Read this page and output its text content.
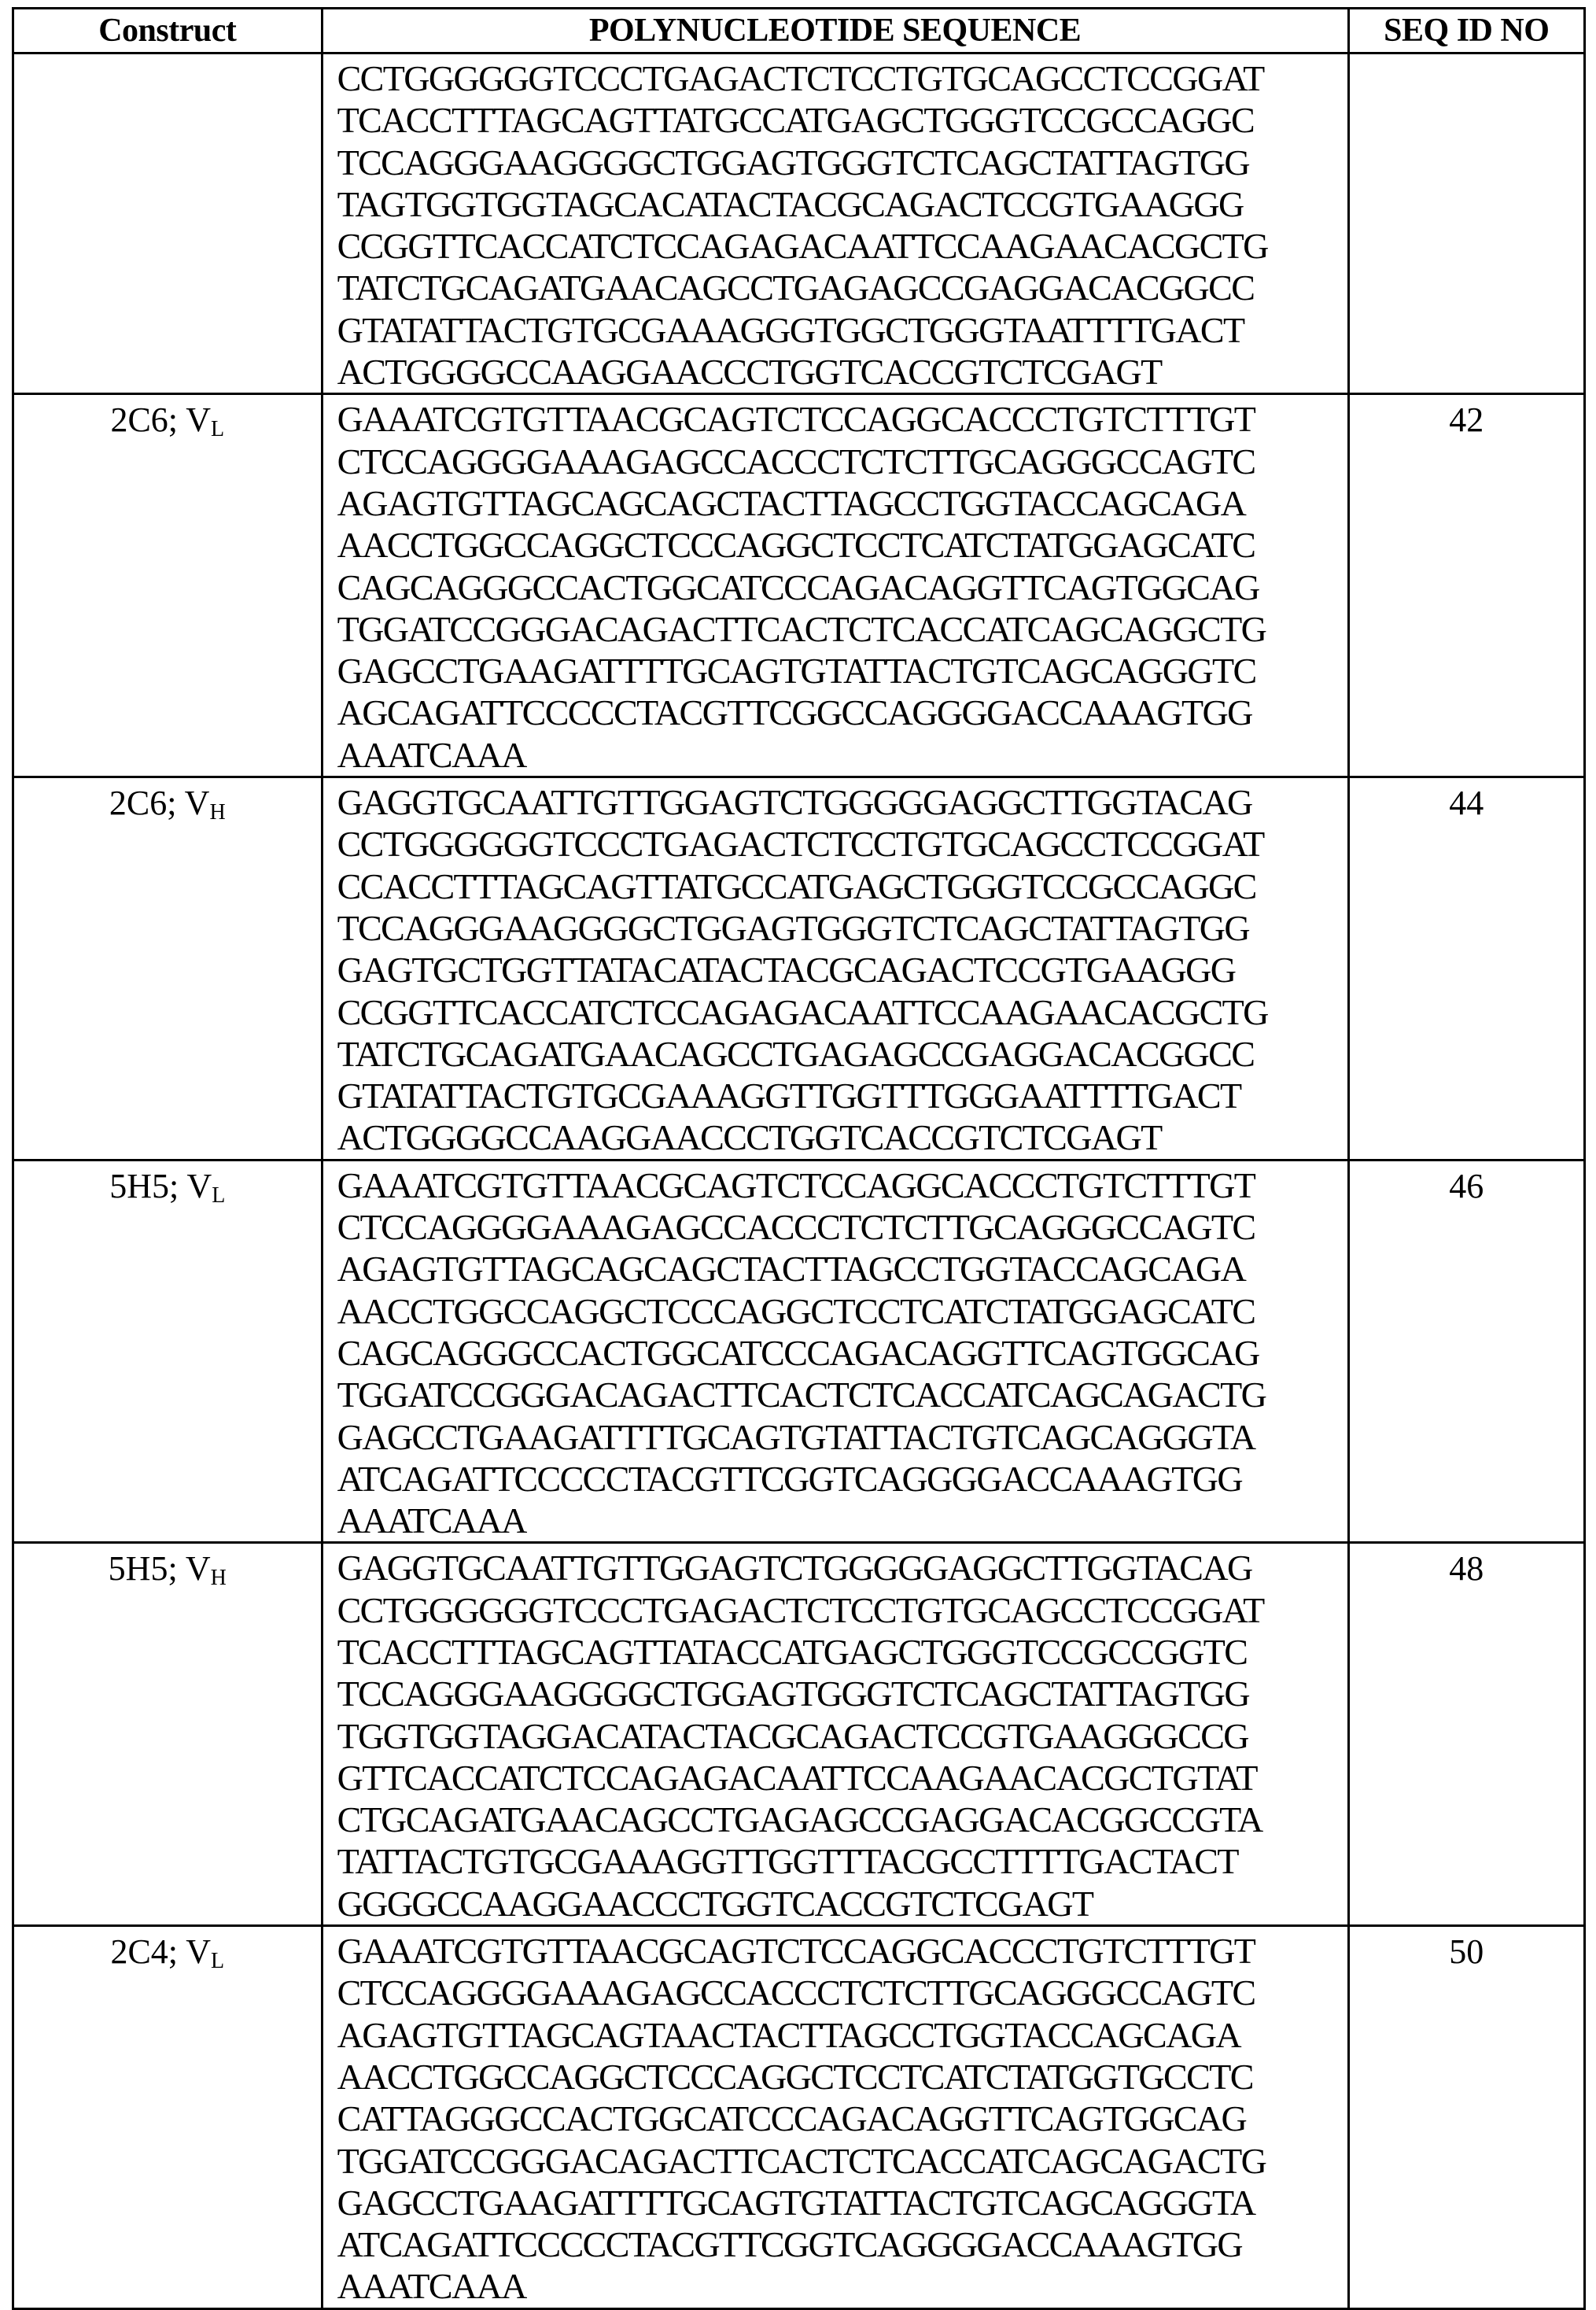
Construct	POLYNUCLEOTIDE SEQUENCE	SEQ ID NO

CCTGGGGGGTCCCTGAGACTCTCCTGTGCAGCCTCCGGAT
TCACCTTTAGCAGTTATGCCATGAGCTGGGTCCGCCAGGC
TCCAGGGAAGGGGCTGGAGTGGGTCTCAGCTATTAGTGG
TAGTGGTGGTAGCACATACTACGCAGACTCCGTGAAGGG
CCGGTTCACCATCTCCAGAGACAATTCCAAGAACACGCTG
TATCTGCAGATGAACAGCCTGAGAGCCGAGGACACGGCC
GTATATTACTGTGCGAAAGGGTGGCTGGGTAATTTTGACT
ACTGGGGCCAAGGAACCCTGGTCACCGTCTCGAGT

2C6; VL	GAAATCGTGTTAACGCAGTCTCCAGGCACCCTGTCTTTGT
CTCCAGGGGAAAGAGCCACCCTCTCTTGCAGGGCCAGTC
AGAGTGTTAGCAGCAGCTACTTAGCCTGGTACCAGCAGA
AACCTGGCCAGGCTCCCAGGCTCCTCATCTATGGAGCATC
CAGCAGGGCCACTGGCATCCCAGACAGGTTCAGTGGCAG
TGGATCCGGGACAGACTTCACTCTCACCATCAGCAGGCTG
GAGCCTGAAGATTTTGCAGTGTATTACTGTCAGCAGGGTC
AGCAGATTCCCCCTACGTTCGGCCAGGGGACCAAAGTGG
AAATCAAA
	42
2C6; VH	GAGGTGCAATTGTTGGAGTCTGGGGGAGGCTTGGTACAG
CCTGGGGGGTCCCTGAGACTCTCCTGTGCAGCCTCCGGAT
CCACCTTTAGCAGTTATGCCATGAGCTGGGTCCGCCAGGC
TCCAGGGAAGGGGCTGGAGTGGGTCTCAGCTATTAGTGG
GAGTGCTGGTTATACATACTACGCAGACTCCGTGAAGGG
CCGGTTCACCATCTCCAGAGACAATTCCAAGAACACGCTG
TATCTGCAGATGAACAGCCTGAGAGCCGAGGACACGGCC
GTATATTACTGTGCGAAAGGTTGGTTTGGGAATTTTGACT
ACTGGGGCCAAGGAACCCTGGTCACCGTCTCGAGT
	44
5H5; VL	GAAATCGTGTTAACGCAGTCTCCAGGCACCCTGTCTTTGT
CTCCAGGGGAAAGAGCCACCCTCTCTTGCAGGGCCAGTC
AGAGTGTTAGCAGCAGCTACTTAGCCTGGTACCAGCAGA
AACCTGGCCAGGCTCCCAGGCTCCTCATCTATGGAGCATC
CAGCAGGGCCACTGGCATCCCAGACAGGTTCAGTGGCAG
TGGATCCGGGACAGACTTCACTCTCACCATCAGCAGACTG
GAGCCTGAAGATTTTGCAGTGTATTACTGTCAGCAGGGTA
ATCAGATTCCCCCTACGTTCGGTCAGGGGACCAAAGTGG
AAATCAAA
	46
5H5; VH	GAGGTGCAATTGTTGGAGTCTGGGGGAGGCTTGGTACAG
CCTGGGGGGTCCCTGAGACTCTCCTGTGCAGCCTCCGGAT
TCACCTTTAGCAGTTATACCATGAGCTGGGTCCGCCGGTC
TCCAGGGAAGGGGCTGGAGTGGGTCTCAGCTATTAGTGG
TGGTGGTAGGACATACTACGCAGACTCCGTGAAGGGCCG
GTTCACCATCTCCAGAGACAATTCCAAGAACACGCTGTAT
CTGCAGATGAACAGCCTGAGAGCCGAGGACACGGCCGTA
TATTACTGTGCGAAAGGTTGGTTTACGCCTTTTGACTACT
GGGGCCAAGGAACCCTGGTCACCGTCTCGAGT
	48
2C4; VL	GAAATCGTGTTAACGCAGTCTCCAGGCACCCTGTCTTTGT
CTCCAGGGGAAAGAGCCACCCTCTCTTGCAGGGCCAGTC
AGAGTGTTAGCAGTAACTACTTAGCCTGGTACCAGCAGA
AACCTGGCCAGGCTCCCAGGCTCCTCATCTATGGTGCCTC
CATTAGGGCCACTGGCATCCCAGACAGGTTCAGTGGCAG
TGGATCCGGGACAGACTTCACTCTCACCATCAGCAGACTG
GAGCCTGAAGATTTTGCAGTGTATTACTGTCAGCAGGGTA
ATCAGATTCCCCCTACGTTCGGTCAGGGGACCAAAGTGG
AAATCAAA
	50
